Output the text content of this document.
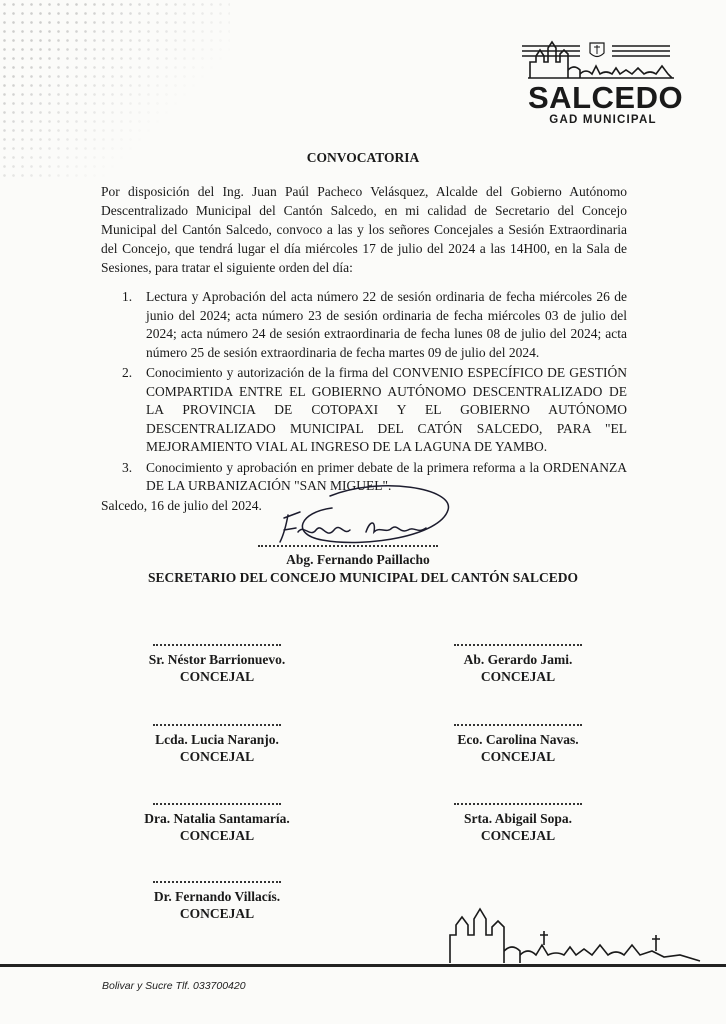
SALCEDO
GAD MUNICIPAL
CONVOCATORIA

Por disposición del Ing. Juan Paúl Pacheco Velásquez, Alcalde del Gobierno Autónomo Descentralizado Municipal del Cantón Salcedo, en mi calidad de Secretario del Concejo Municipal del Cantón Salcedo, convoco a las y los señores Concejales a Sesión Extraordinaria del Concejo, que tendrá lugar el día miércoles 17 de julio del 2024 a las 14H00, en la Sala de Sesiones, para tratar el siguiente orden del día:

1. Lectura y Aprobación del acta número 22 de sesión ordinaria de fecha miércoles 26 de junio del 2024; acta número 23 de sesión ordinaria de fecha miércoles 03 de julio del 2024; acta número 24 de sesión extraordinaria de fecha lunes 08 de julio del 2024; acta número 25 de sesión extraordinaria de fecha martes 09 de julio del 2024.
2. Conocimiento y autorización de la firma del CONVENIO ESPECÍFICO DE GESTIÓN COMPARTIDA ENTRE EL GOBIERNO AUTÓNOMO DESCENTRALIZADO DE LA PROVINCIA DE COTOPAXI Y EL GOBIERNO AUTÓNOMO DESCENTRALIZADO MUNICIPAL DEL CATÓN SALCEDO, PARA "EL MEJORAMIENTO VIAL AL INGRESO DE LA LAGUNA DE YAMBO.
3. Conocimiento y aprobación en primer debate de la primera reforma a la ORDENANZA DE LA URBANIZACIÓN "SAN MIGUEL".
Salcedo, 16 de julio del 2024.
Abg. Fernando Paillacho
SECRETARIO DEL CONCEJO MUNICIPAL DEL CANTÓN SALCEDO
Sr. Néstor Barrionuevo.
CONCEJAL
Ab. Gerardo Jami.
CONCEJAL
Lcda. Lucia Naranjo.
CONCEJAL
Eco. Carolina Navas.
CONCEJAL
Dra. Natalia Santamaría.
CONCEJAL
Srta. Abigail Sopa.
CONCEJAL
Dr. Fernando Villacís.
CONCEJAL
Bolivar y Sucre Tlf. 033700420
